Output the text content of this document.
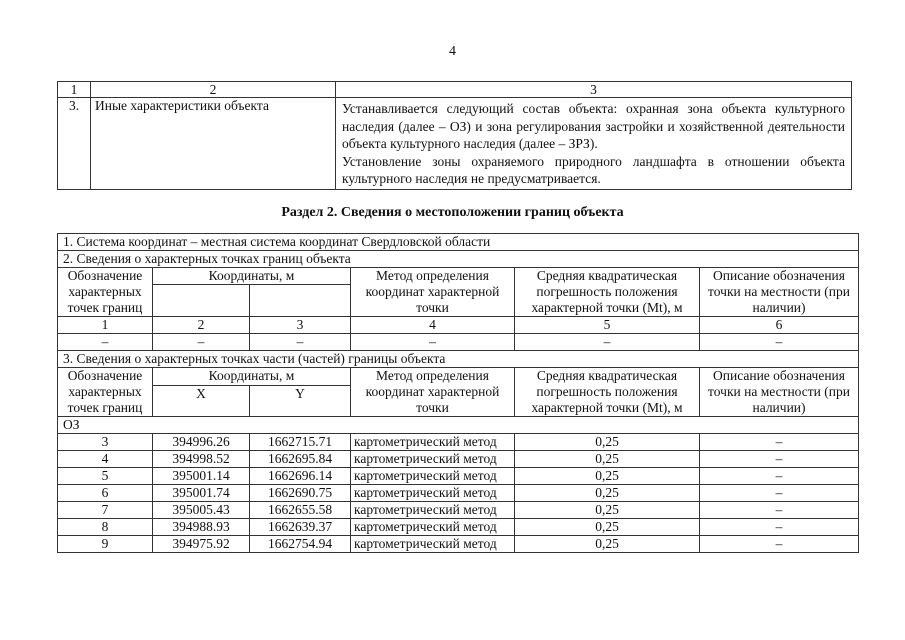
4
1	2	3
3.	Иные характеристики объекта	Устанавливается следующий состав объекта: охранная зона объекта культурного наследия (далее – ОЗ) и зона регулирования застройки и хозяйственной деятельности объекта культурного наследия (далее – ЗРЗ).
Установление зоны охраняемого природного ландшафта в отношении объекта культурного наследия не предусматривается.
Раздел 2. Сведения о местоположении границ объекта
1. Система координат – местная система координат Свердловской области					
2. Сведения о характерных точках границ объекта					
Обозначение характерных точек границ	Координаты, м		Метод определения координат характерной точки	Средняя квадратическая погрешность положения характерной точки (Mt), м	Описание обозначения точки на местности (при наличии)

1	2	3	4	5	6
–	–	–	–	–	–
3. Сведения о характерных точках части (частей) границы объекта					
Обозначение характерных точек границ	Координаты, м		Метод определения координат характерной точки	Средняя квадратическая погрешность положения характерной точки (Mt), м	Описание обозначения точки на местности (при наличии)
	X	Y			
ОЗ					
3	394996.26	1662715.71	картометрический метод	0,25	–
4	394998.52	1662695.84	картометрический метод	0,25	–
5	395001.14	1662696.14	картометрический метод	0,25	–
6	395001.74	1662690.75	картометрический метод	0,25	–
7	395005.43	1662655.58	картометрический метод	0,25	–
8	394988.93	1662639.37	картометрический метод	0,25	–
9	394975.92	1662754.94	картометрический метод	0,25	–
